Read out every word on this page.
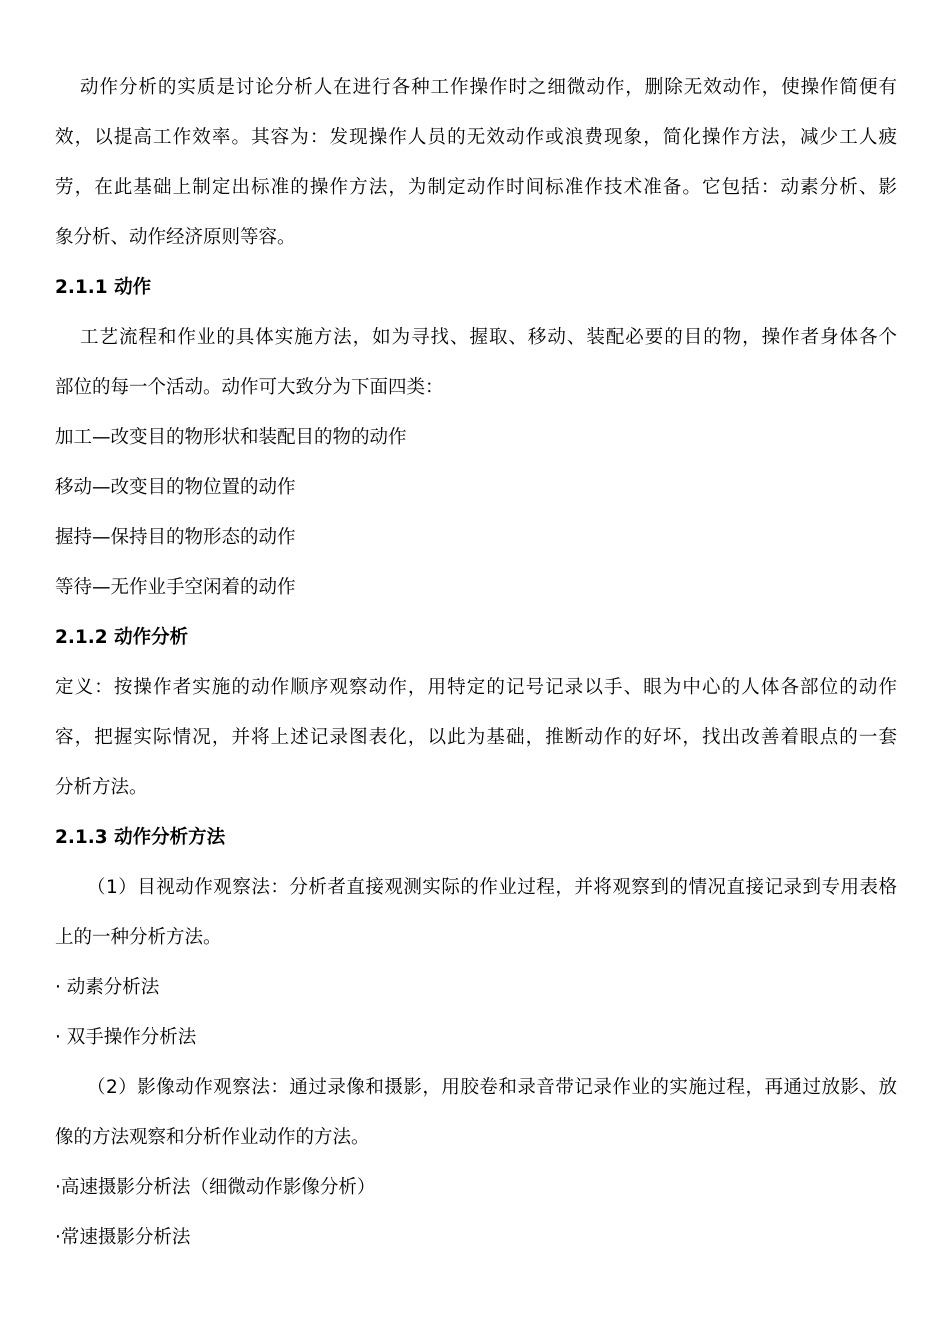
动作分析的实质是讨论分析人在进行各种工作操作时之细微动作，删除无效动作，使操作简便有

效，以提高工作效率。其容为：发现操作人员的无效动作或浪费现象，简化操作方法，减少工人疲

劳，在此基础上制定出标准的操作方法，为制定动作时间标准作技术准备。它包括：动素分析、影

象分析、动作经济原则等容。

2.1.1 动作

工艺流程和作业的具体实施方法，如为寻找、握取、移动、装配必要的目的物，操作者身体各个

部位的每一个活动。动作可大致分为下面四类：

加工—改变目的物形状和装配目的物的动作

移动—改变目的物位置的动作

握持—保持目的物形态的动作

等待—无作业手空闲着的动作

2.1.2 动作分析

定义：按操作者实施的动作顺序观察动作，用特定的记号记录以手、眼为中心的人体各部位的动作

容，把握实际情况，并将上述记录图表化，以此为基础，推断动作的好坏，找出改善着眼点的一套

分析方法。

2.1.3 动作分析方法

（1）目视动作观察法：分析者直接观测实际的作业过程，并将观察到的情况直接记录到专用表格

上的一种分析方法。

· 动素分析法

· 双手操作分析法

（2）影像动作观察法：通过录像和摄影，用胶卷和录音带记录作业的实施过程，再通过放影、放

像的方法观察和分析作业动作的方法。

·高速摄影分析法（细微动作影像分析）

·常速摄影分析法
